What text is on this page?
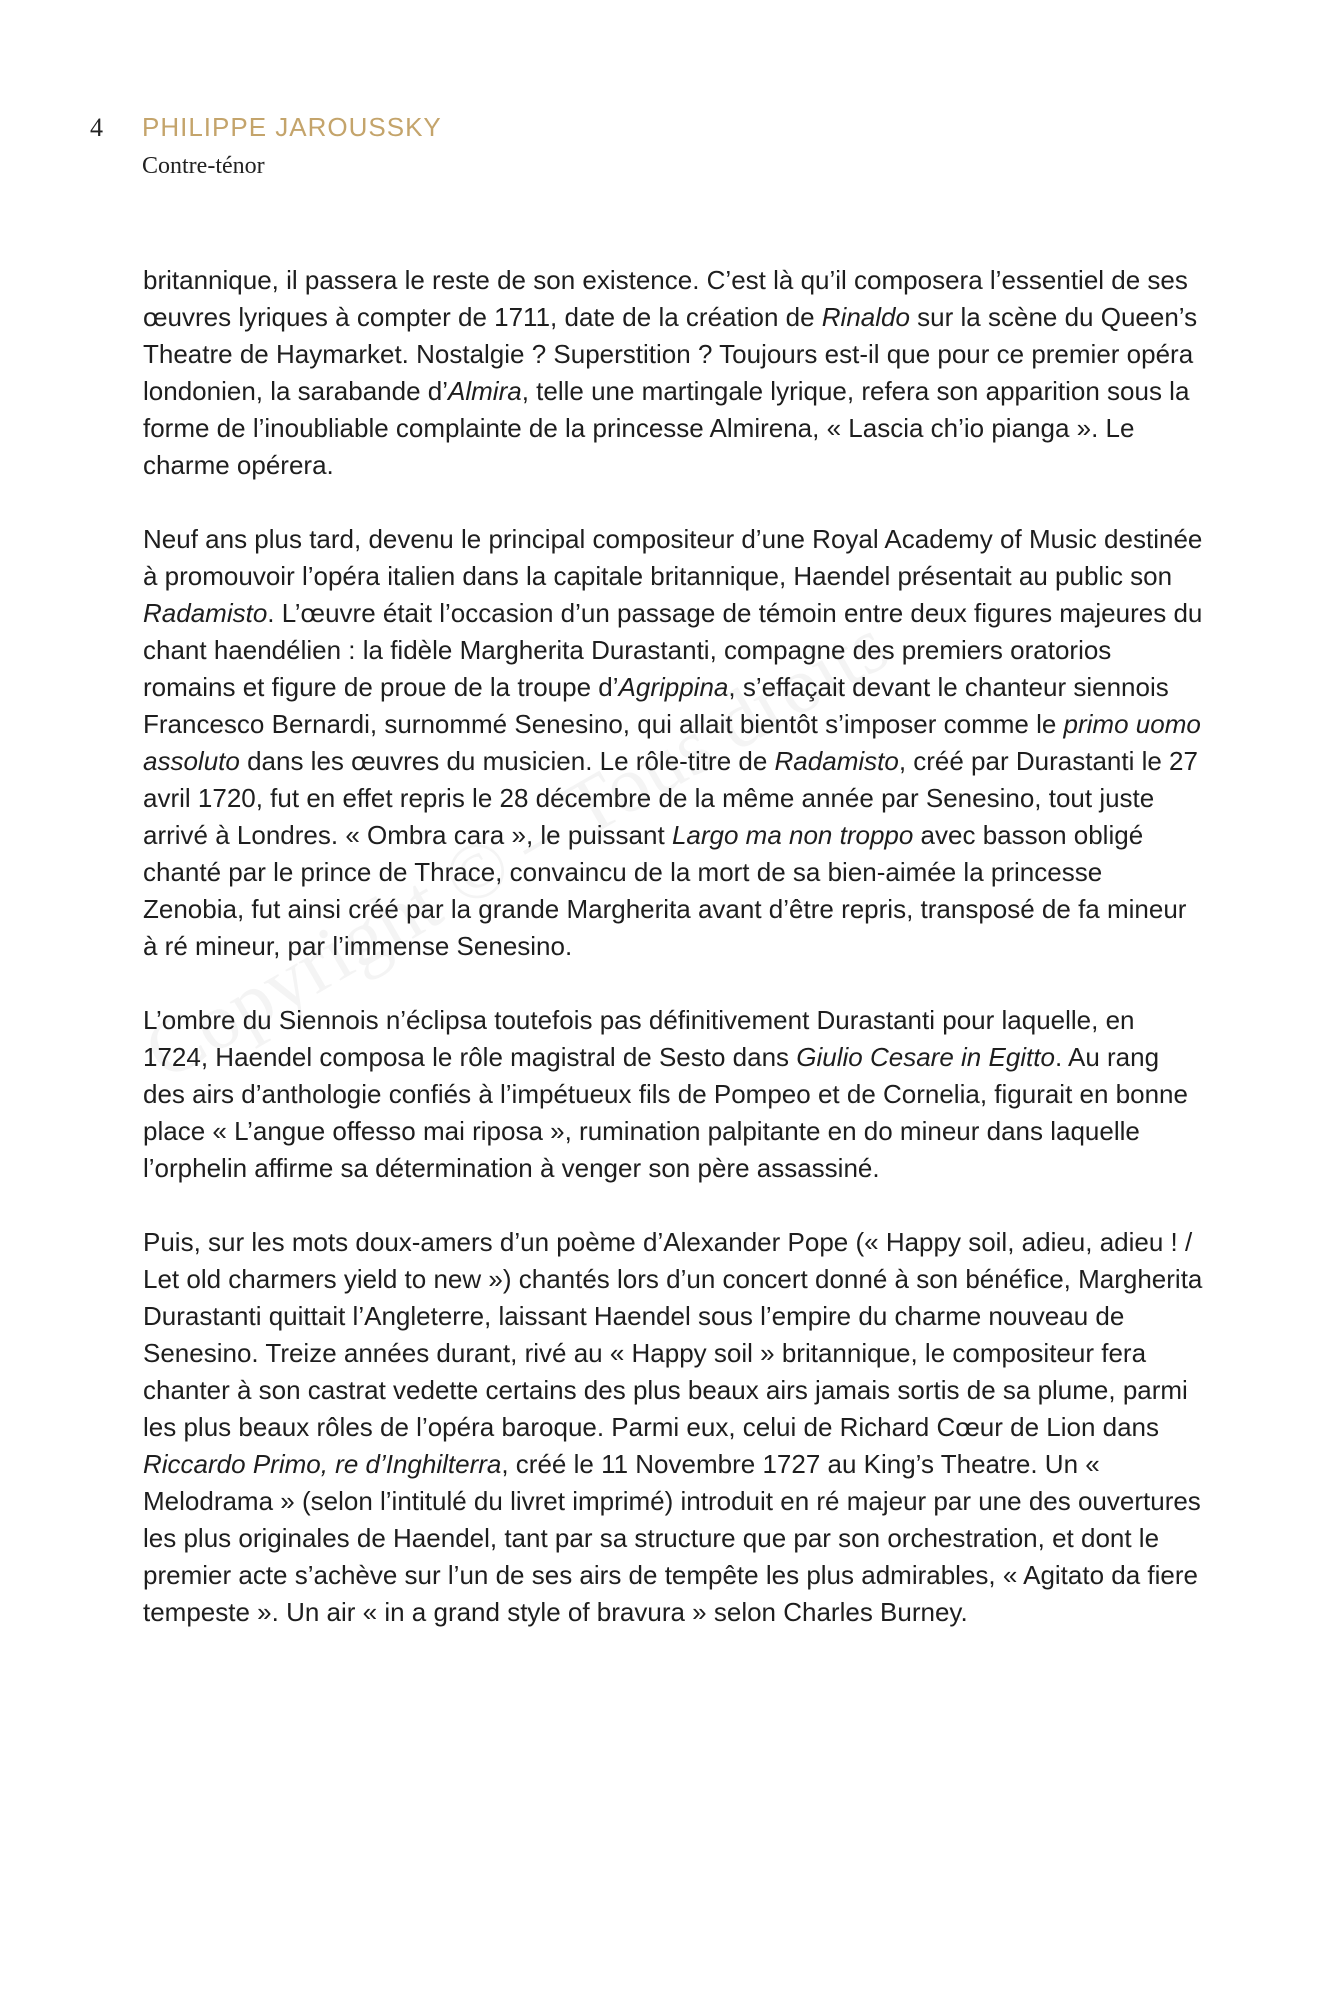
4	PHILIPPE JAROUSSKY
Contre-ténor

britannique, il passera le reste de son existence. C’est là qu’il composera l’essentiel de ses œuvres lyriques à compter de 1711, date de la création de Rinaldo sur la scène du Queen’s Theatre de Haymarket. Nostalgie ? Superstition ? Toujours est-il que pour ce premier opéra londonien, la sarabande d’Almira, telle une martingale lyrique, refera son apparition sous la forme de l’inoubliable complainte de la princesse Almirena, « Lascia ch’io pianga ». Le charme opérera.

Neuf ans plus tard, devenu le principal compositeur d’une Royal Academy of Music destinée à promouvoir l’opéra italien dans la capitale britannique, Haendel présentait au public son Radamisto. L’œuvre était l’occasion d’un passage de témoin entre deux figures majeures du chant haendélien : la fidèle Margherita Durastanti, compagne des premiers oratorios romains et figure de proue de la troupe d’Agrippina, s’effaçait devant le chanteur siennois Francesco Bernardi, surnommé Senesino, qui allait bientôt s’imposer comme le primo uomo assoluto dans les œuvres du musicien. Le rôle-titre de Radamisto, créé par Durastanti le 27 avril 1720, fut en effet repris le 28 décembre de la même année par Senesino, tout juste arrivé à Londres. « Ombra cara », le puissant Largo ma non troppo avec basson obligé chanté par le prince de Thrace, convaincu de la mort de sa bien-aimée la princesse Zenobia, fut ainsi créé par la grande Margherita avant d’être repris, transposé de fa mineur à ré mineur, par l’immense Senesino.

L’ombre du Siennois n’éclipsa toutefois pas définitivement Durastanti pour laquelle, en 1724, Haendel composa le rôle magistral de Sesto dans Giulio Cesare in Egitto. Au rang des airs d’anthologie confiés à l’impétueux fils de Pompeo et de Cornelia, figurait en bonne place « L’angue offesso mai riposa », rumination palpitante en do mineur dans laquelle l’orphelin affirme sa détermination à venger son père assassiné.

Puis, sur les mots doux-amers d’un poème d’Alexander Pope (« Happy soil, adieu, adieu ! / Let old charmers yield to new ») chantés lors d’un concert donné à son bénéfice, Margherita Durastanti quittait l’Angleterre, laissant Haendel sous l’empire du charme nouveau de Senesino. Treize années durant, rivé au « Happy soil » britannique, le compositeur fera chanter à son castrat vedette certains des plus beaux airs jamais sortis de sa plume, parmi les plus beaux rôles de l’opéra baroque. Parmi eux, celui de Richard Cœur de Lion dans Riccardo Primo, re d’Inghilterra, créé le 11 Novembre 1727 au King’s Theatre. Un « Melodrama » (selon l’intitulé du livret imprimé) introduit en ré majeur par une des ouvertures les plus originales de Haendel, tant par sa structure que par son orchestration, et dont le premier acte s’achève sur l’un de ses airs de tempête les plus admirables, « Agitato da fiere tempeste ». Un air « in a grand style of bravura » selon Charles Burney.
